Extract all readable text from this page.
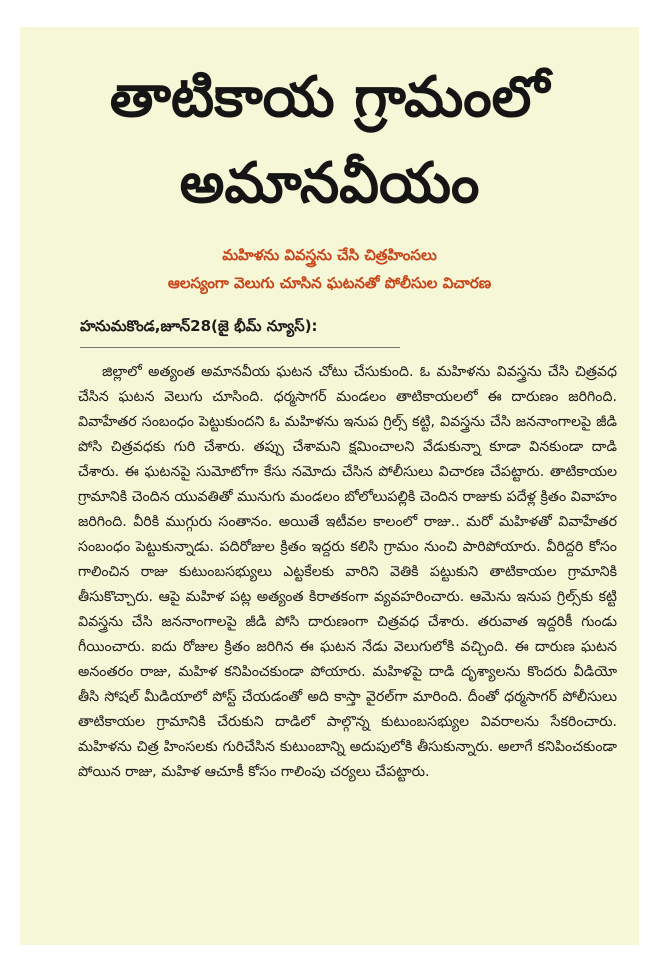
తాటికాయ గ్రామంలో
అమానవీయం
మహిళను వివస్త్రను చేసి చిత్రహింసలు
ఆలస్యంగా వెలుగు చూసిన ఘటనతో పోలీసుల విచారణ
హనుమకొండ,జూన్28(జై భీమ్ న్యూస్):

జిల్లాలో అత్యంత అమానవీయ ఘటన చోటు చేసుకుంది. ఓ మహిళను వివస్త్రను చేసి చిత్రవధ చేసిన ఘటన వెలుగు చూసింది. ధర్మసాగర్ మండలం తాటికాయలలో ఈ దారుణం జరిగింది. వివాహేతర సంబంధం పెట్టుకుందని ఓ మహిళను ఇనుప గ్రిల్స్ కట్టి, వివస్త్రను చేసి జననాంగాలపై జీడి పోసి చిత్రవధకు గురి చేశారు. తప్పు చేశామని క్షమించాలని వేడుకున్నా కూడా వినకుండా దాడి చేశారు. ఈ ఘటనపై సుమోటోగా కేసు నమోదు చేసిన పోలీసులు విచారణ చేపట్టారు. తాటికాయల గ్రామానికి చెందిన యువతితో మునుగు మండలం బోలోలుపల్లికి చెందిన రాజుకు పదేళ్ల క్రితం వివాహం జరిగింది. వీరికి ముగ్గురు సంతానం. అయితే ఇటీవల కాలంలో రాజు.. మరో మహిళతో వివాహేతర సంబంధం పెట్టుకున్నాడు. పదిరోజుల క్రితం ఇద్దరు కలిసి గ్రామం నుంచి పారిపోయారు. వీరిద్దరి కోసం గాలించిన రాజు కుటుంబసభ్యులు ఎట్టకేలకు వారిని వెతికి పట్టుకుని తాటికాయల గ్రామానికి తీసుకొచ్చారు. ఆపై మహిళ పట్ల అత్యంత కిరాతకంగా వ్యవహరించారు. ఆమెను ఇనుప గ్రిల్స్‌కు కట్టి వివస్త్రను చేసి జననాంగాలపై జీడి పోసి దారుణంగా చిత్రవధ చేశారు. తరువాత ఇద్దరికీ గుండు గీయించారు. ఐదు రోజుల క్రితం జరిగిన ఈ ఘటన నేడు వెలుగులోకి వచ్చింది. ఈ దారుణ ఘటన అనంతరం రాజు, మహిళ కనిపించకుండా పోయారు. మహిళపై దాడి దృశ్యాలను కొందరు వీడియో తీసి సోషల్ మీడియాలో పోస్ట్ చేయడంతో అది కాస్తా వైరల్‌గా మారింది. దీంతో ధర్మసాగర్ పోలీసులు తాటికాయల గ్రామానికి చేరుకుని దాడిలో పాల్గొన్న కుటుంబసభ్యుల వివరాలను సేకరించారు. మహిళను చిత్ర హింసలకు గురిచేసిన కుటుంబాన్ని అదుపులోకి తీసుకున్నారు. అలాగే కనిపించకుండా పోయిన రాజు, మహిళ ఆచూకీ కోసం గాలింపు చర్యలు చేపట్టారు.
